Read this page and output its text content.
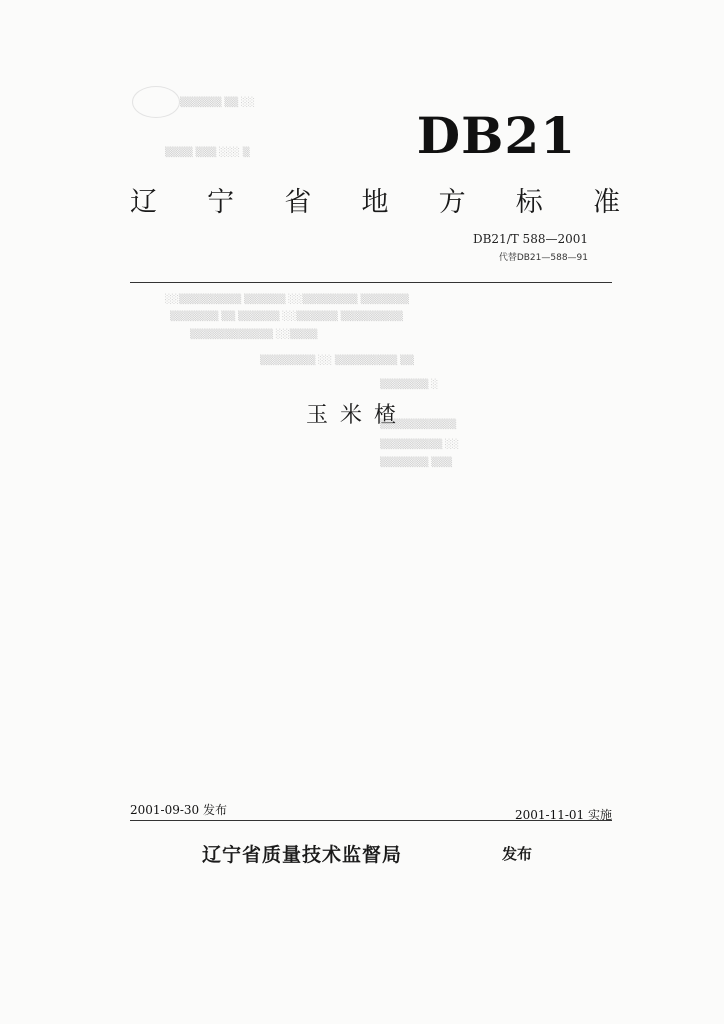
▒▒▒▒▒▒ ▒▒ ░░
▒▒▒▒ ▒▒▒ ░░░ ▒
░░▒▒▒▒▒▒▒▒▒ ▒▒▒▒▒▒ ░░▒▒▒▒▒▒▒▒ ▒▒▒▒▒▒▒
▒▒▒▒▒▒▒ ▒▒ ▒▒▒▒▒▒ ░░▒▒▒▒▒▒ ▒▒▒▒▒▒▒▒▒
▒▒▒▒▒▒▒▒▒▒▒▒ ░░▒▒▒▒
▒▒▒▒▒▒▒▒ ░░ ▒▒▒▒▒▒▒▒▒ ▒▒
▒▒▒▒▒▒▒ ░
▒▒▒▒▒▒▒▒▒▒▒
▒▒▒▒▒▒▒▒▒ ░░
▒▒▒▒▒▒▒ ▒▒▒
DB21
辽 宁 省 地 方 标 准
DB21/T 588—2001
代替DB21—588—91
玉米楂
2001-09-30 发布	2001-11-01 实施
辽宁省质量技术监督局	发布
